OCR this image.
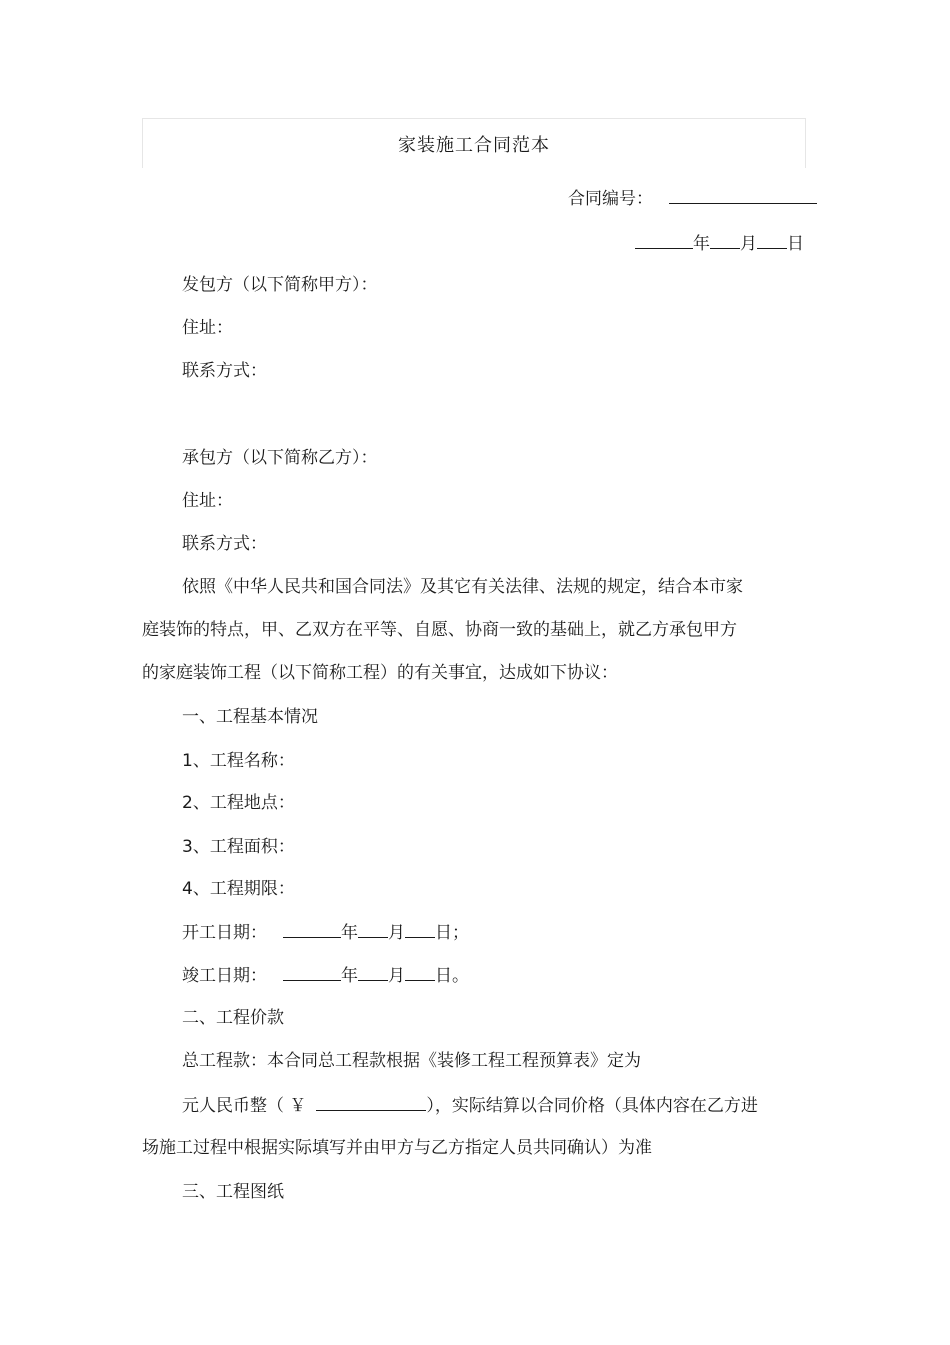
家装施工合同范本
合同编号：
年 月 日
发包方（以下简称甲方）：
住址：
联系方式：
承包方（以下简称乙方）：
住址：
联系方式：
依照《中华人民共和国合同法》及其它有关法律、法规的规定，结合本市家
庭装饰的特点，甲、乙双方在平等、自愿、协商一致的基础上，就乙方承包甲方
的家庭装饰工程（以下简称工程）的有关事宜，达成如下协议：
一、工程基本情况
1、工程名称：
2、工程地点：
3、工程面积：
4、工程期限：
开工日期：	年 月 日；
竣工日期：	年 月 日。
二、工程价款
总工程款：本合同总工程款根据《装修工程工程预算表》定为
元人民币整（ ￥	），实际结算以合同价格（具体内容在乙方进
场施工过程中根据实际填写并由甲方与乙方指定人员共同确认）为准
三、工程图纸
